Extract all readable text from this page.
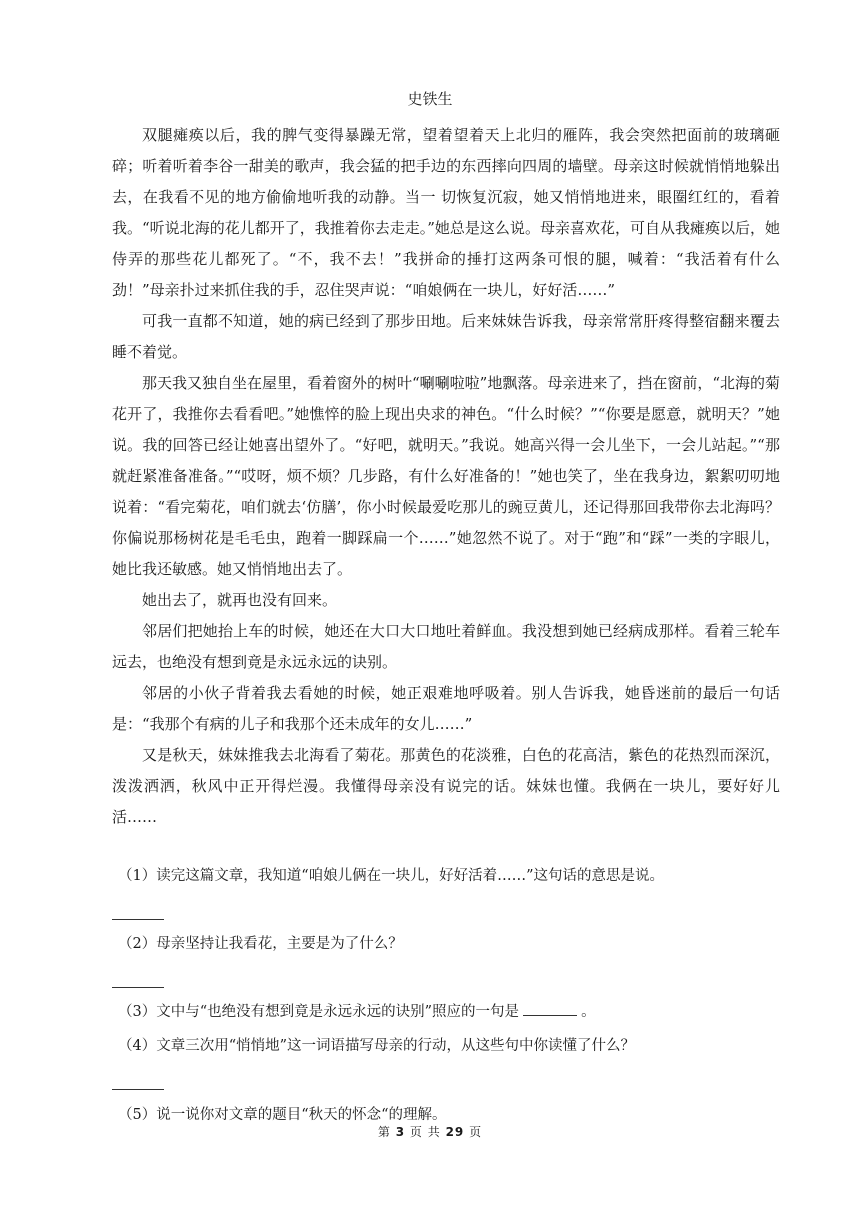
史铁生

双腿瘫痪以后，我的脾气变得暴躁无常，望着望着天上北归的雁阵，我会突然把面前的玻璃砸碎；听着听着李谷一甜美的歌声，我会猛的把手边的东西摔向四周的墙壁。母亲这时候就悄悄地躲出去，在我看不见的地方偷偷地听我的动静。当一 切恢复沉寂，她又悄悄地进来，眼圈红红的，看着我。“听说北海的花儿都开了，我推着你去走走。”她总是这么说。母亲喜欢花，可自从我瘫痪以后，她侍弄的那些花儿都死了。“不，我不去！”我拼命的捶打这两条可恨的腿，喊着：“我活着有什么劲！”母亲扑过来抓住我的手，忍住哭声说：“咱娘俩在一块儿，好好活……”

可我一直都不知道，她的病已经到了那步田地。后来妹妹告诉我，母亲常常肝疼得整宿翻来覆去睡不着觉。

那天我又独自坐在屋里，看着窗外的树叶“唰唰啦啦”地飘落。母亲进来了，挡在窗前，“北海的菊花开了，我推你去看看吧。”她憔悴的脸上现出央求的神色。“什么时候？”“你要是愿意，就明天？”她说。我的回答已经让她喜出望外了。“好吧，就明天。”我说。她高兴得一会儿坐下，一会儿站起。”“那就赶紧准备准备。”“哎呀，烦不烦？几步路，有什么好准备的！”她也笑了，坐在我身边，絮絮叨叨地说着：“看完菊花，咱们就去‘仿膳’，你小时候最爱吃那儿的豌豆黄儿，还记得那回我带你去北海吗？你偏说那杨树花是毛毛虫，跑着一脚踩扁一个……”她忽然不说了。对于“跑”和“踩”一类的字眼儿，她比我还敏感。她又悄悄地出去了。

她出去了，就再也没有回来。

邻居们把她抬上车的时候，她还在大口大口地吐着鲜血。我没想到她已经病成那样。看着三轮车远去，也绝没有想到竟是永远永远的诀别。

邻居的小伙子背着我去看她的时候，她正艰难地呼吸着。别人告诉我，她昏迷前的最后一句话是：“我那个有病的儿子和我那个还未成年的女儿……”

又是秋天，妹妹推我去北海看了菊花。那黄色的花淡雅，白色的花高洁，紫色的花热烈而深沉，泼泼洒洒，秋风中正开得烂漫。我懂得母亲没有说完的话。妹妹也懂。我俩在一块儿，要好好儿活……

（1）读完这篇文章，我知道“咱娘儿俩在一块儿，好好活着……”这句话的意思是说。

（2）母亲坚持让我看花，主要是为了什么？

（3）文中与“也绝没有想到竟是永远永远的诀别”照应的一句是	。

（4）文章三次用“悄悄地”这一词语描写母亲的行动，从这些句中你读懂了什么？

（5）说一说你对文章的题目“秋天的怀念“的理解。

第 3 页 共 29 页
